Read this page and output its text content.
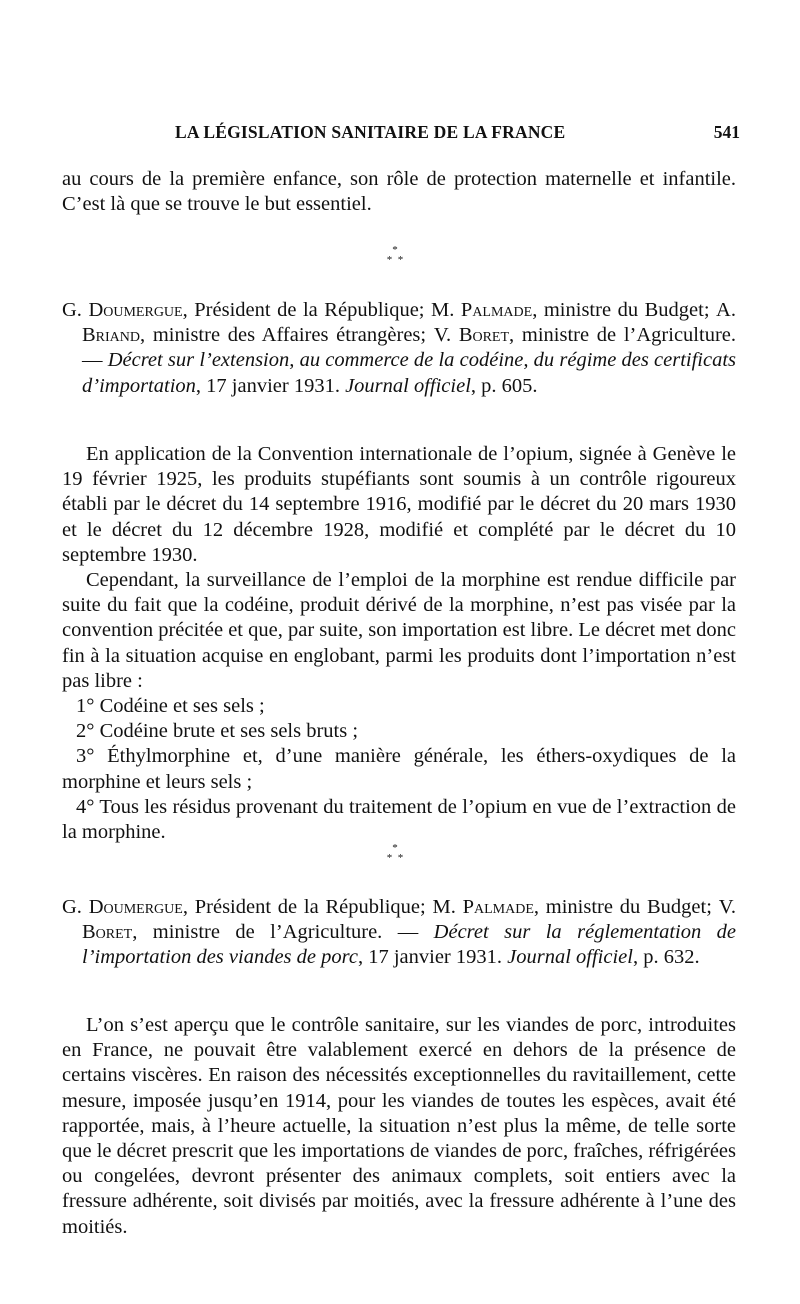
LA LÉGISLATION SANITAIRE DE LA FRANCE	541

au cours de la première enfance, son rôle de protection maternelle et infantile. C’est là que se trouve le but essentiel.

*
* *

G. Doumergue, Président de la République; M. Palmade, ministre du Budget; A. Briand, ministre des Affaires étrangères; V. Boret, ministre de l’Agriculture. — Décret sur l’extension, au commerce de la codéine, du régime des certificats d’importation, 17 janvier 1931. Journal officiel, p. 605.

En application de la Convention internationale de l’opium, signée à Genève le 19 février 1925, les produits stupéfiants sont soumis à un contrôle rigoureux établi par le décret du 14 septembre 1916, modifié par le décret du 20 mars 1930 et le décret du 12 décembre 1928, modifié et complété par le décret du 10 septembre 1930.

Cependant, la surveillance de l’emploi de la morphine est rendue difficile par suite du fait que la codéine, produit dérivé de la morphine, n’est pas visée par la convention précitée et que, par suite, son importation est libre. Le décret met donc fin à la situation acquise en englobant, parmi les produits dont l’importation n’est pas libre :

1° Codéine et ses sels ;

2° Codéine brute et ses sels bruts ;

3° Éthylmorphine et, d’une manière générale, les éthers-oxydiques de la morphine et leurs sels ;

4° Tous les résidus provenant du traitement de l’opium en vue de l’extraction de la morphine.

*
* *

G. Doumergue, Président de la République; M. Palmade, ministre du Budget; V. Boret, ministre de l’Agriculture. — Décret sur la réglementation de l’importation des viandes de porc, 17 janvier 1931. Journal officiel, p. 632.

L’on s’est aperçu que le contrôle sanitaire, sur les viandes de porc, introduites en France, ne pouvait être valablement exercé en dehors de la présence de certains viscères. En raison des nécessités exceptionnelles du ravitaillement, cette mesure, imposée jusqu’en 1914, pour les viandes de toutes les espèces, avait été rapportée, mais, à l’heure actuelle, la situation n’est plus la même, de telle sorte que le décret prescrit que les importations de viandes de porc, fraîches, réfrigérées ou congelées, devront présenter des animaux complets, soit entiers avec la fressure adhérente, soit divisés par moitiés, avec la fressure adhérente à l’une des moitiés.
